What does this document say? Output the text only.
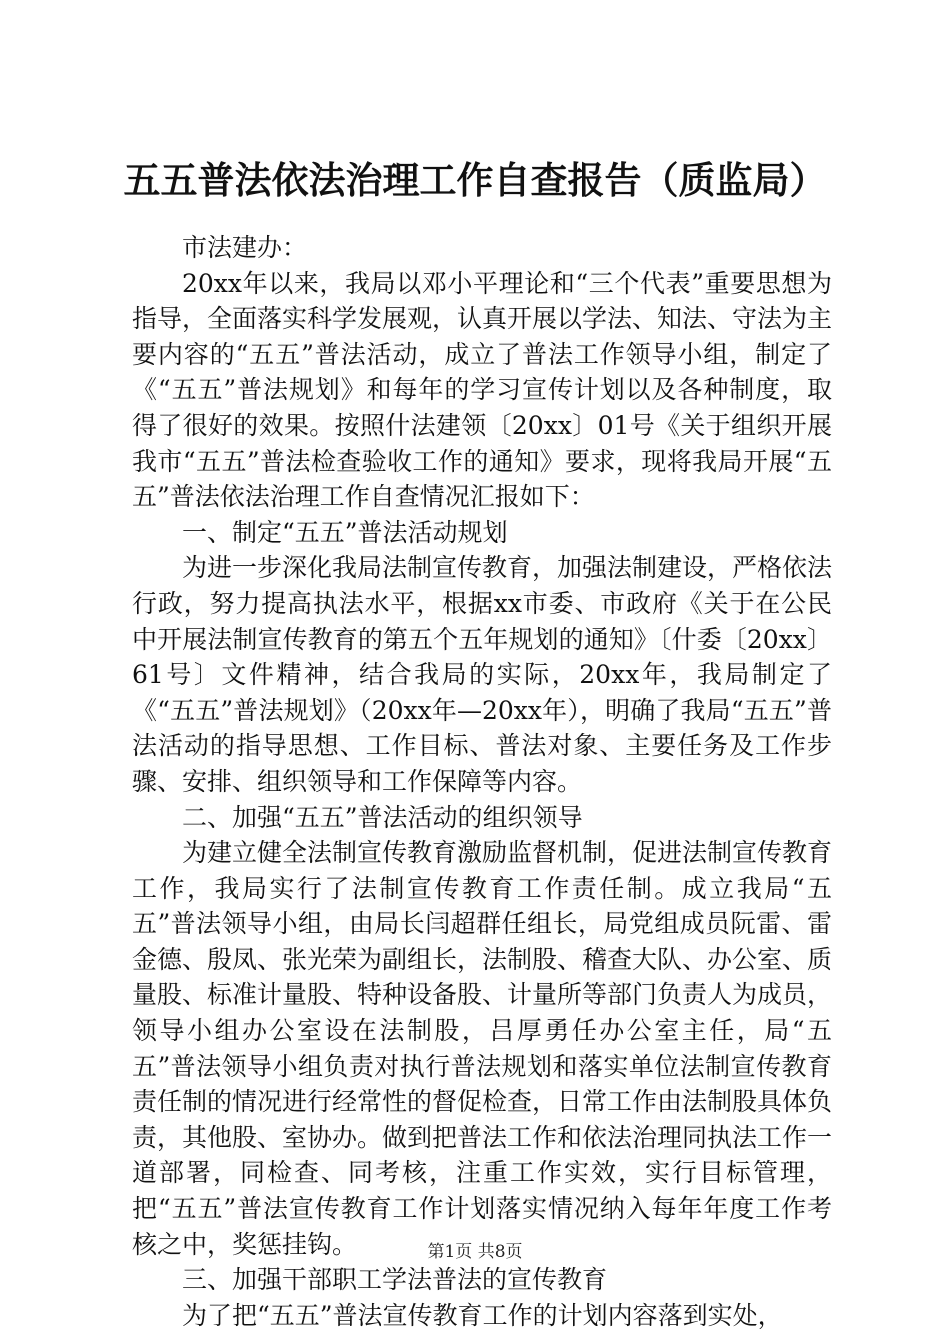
五五普法依法治理工作自查报告（质监局）

市法建办：

20xx年以来，我局以邓小平理论和“三个代表”重要思想为指导，全面落实科学发展观，认真开展以学法、知法、守法为主要内容的“五五”普法活动，成立了普法工作领导小组，制定了《“五五”普法规划》和每年的学习宣传计划以及各种制度，取得了很好的效果。按照什法建领〔20xx〕01号《关于组织开展我市“五五”普法检查验收工作的通知》要求，现将我局开展“五五”普法依法治理工作自查情况汇报如下：

一、制定“五五”普法活动规划

为进一步深化我局法制宣传教育，加强法制建设，严格依法行政，努力提高执法水平，根据xx市委、市政府《关于在公民中开展法制宣传教育的第五个五年规划的通知》〔什委〔20xx〕61号〕文件精神，结合我局的实际，20xx年，我局制定了《“五五”普法规划》（20xx年—20xx年），明确了我局“五五”普法活动的指导思想、工作目标、普法对象、主要任务及工作步骤、安排、组织领导和工作保障等内容。

二、加强“五五”普法活动的组织领导

为建立健全法制宣传教育激励监督机制，促进法制宣传教育工作，我局实行了法制宣传教育工作责任制。成立我局“五五”普法领导小组，由局长闫超群任组长，局党组成员阮雷、雷金德、殷凤、张光荣为副组长，法制股、稽查大队、办公室、质量股、标准计量股、特种设备股、计量所等部门负责人为成员，领导小组办公室设在法制股，吕厚勇任办公室主任，局“五五”普法领导小组负责对执行普法规划和落实单位法制宣传教育责任制的情况进行经常性的督促检查，日常工作由法制股具体负责，其他股、室协办。做到把普法工作和依法治理同执法工作一道部署，同检查、同考核，注重工作实效，实行目标管理，把“五五”普法宣传教育工作计划落实情况纳入每年年度工作考核之中，奖惩挂钩。

三、加强干部职工学法普法的宣传教育

为了把“五五”普法宣传教育工作的计划内容落到实处，

第1页 共8页
